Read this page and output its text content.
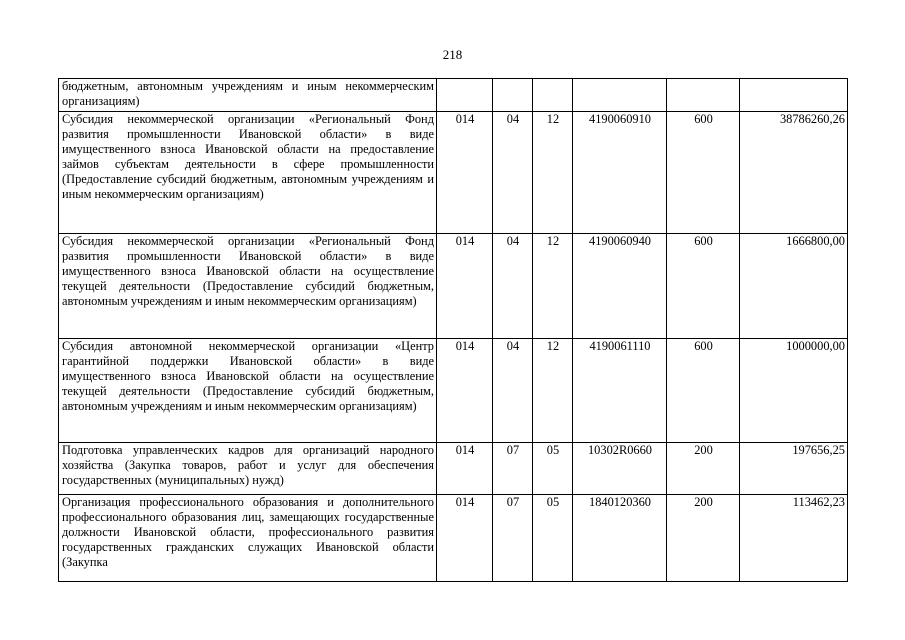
218
бюджетным, автономным учреждениям и иным некоммерческим организациям)						
Субсидия некоммерческой организации «Региональный Фонд развития промышленности Ивановской области» в виде имущественного взноса Ивановской области на предоставление займов субъектам деятельности в сфере промышленности (Предоставление субсидий бюджетным, автономным учреждениям и иным некоммерческим организациям)	014	04	12	4190060910	600	38786260,26
Субсидия некоммерческой организации «Региональный Фонд развития промышленности Ивановской области» в виде имущественного взноса Ивановской области на осуществление текущей деятельности (Предоставление субсидий бюджетным, автономным учреждениям и иным некоммерческим организациям)	014	04	12	4190060940	600	1666800,00
Субсидия автономной некоммерческой организации «Центр гарантийной поддержки Ивановской области» в виде имущественного взноса Ивановской области на осуществление текущей деятельности (Предоставление субсидий бюджетным, автономным учреждениям и иным некоммерческим организациям)	014	04	12	4190061110	600	1000000,00
Подготовка управленческих кадров для организаций народного хозяйства (Закупка товаров, работ и услуг для обеспечения государственных (муниципальных) нужд)	014	07	05	10302R0660	200	197656,25
Организация профессионального образования и дополнительного профессионального образования лиц, замещающих государственные должности Ивановской области, профессионального развития государственных гражданских служащих Ивановской области (Закупка	014	07	05	1840120360	200	113462,23
